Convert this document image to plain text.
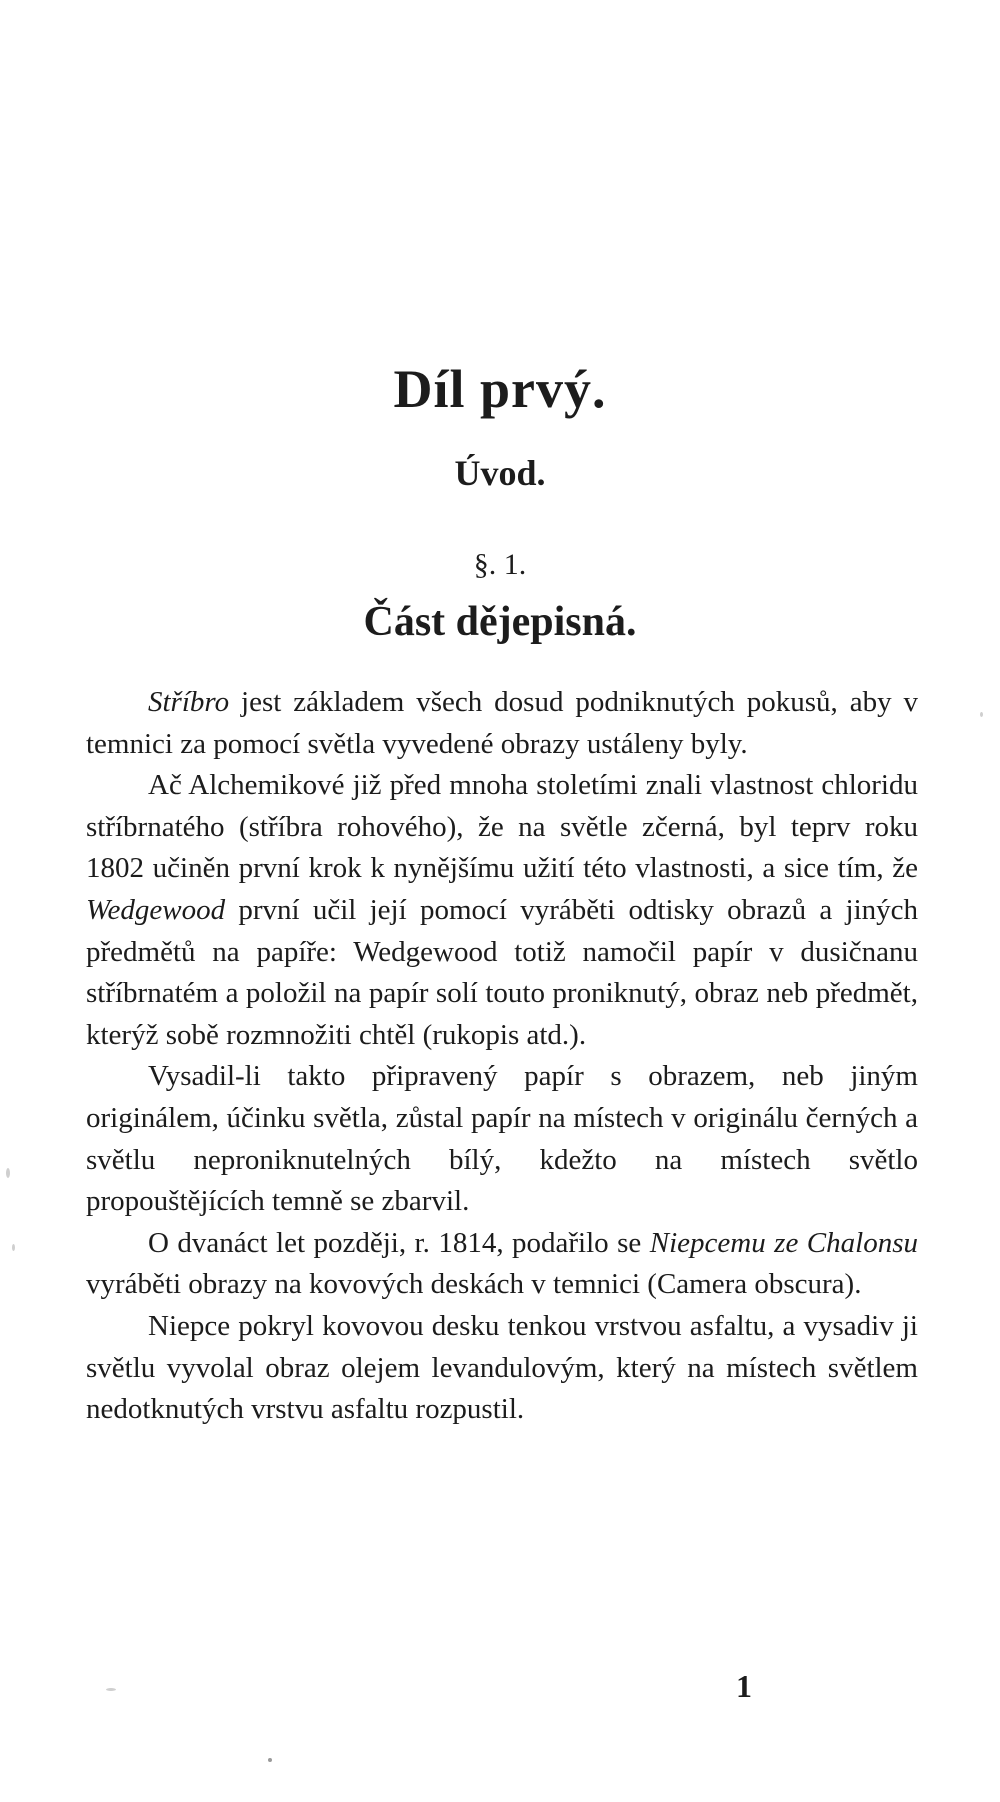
Díl prvý.
Úvod.
§. 1.
Část dějepisná.

Stříbro jest základem všech dosud podniknutých pokusů, aby v temnici za pomocí světla vyvedené obrazy ustáleny byly.

Ač Alchemikové již před mnoha stoletími znali vlastnost chloridu stříbrnatého (stříbra rohového), že na světle zčerná, byl teprv roku 1802 učiněn první krok k nynějšímu užití této vlastnosti, a sice tím, že Wedgewood první učil její pomocí vyráběti odtisky obrazů a jiných předmětů na papíře: Wedgewood totiž namočil papír v dusičnanu stříbrnatém a položil na papír solí touto proniknutý, obraz neb předmět, kterýž sobě rozmnožiti chtěl (rukopis atd.).

Vysadil-li takto připravený papír s obrazem, neb jiným originálem, účinku světla, zůstal papír na místech v originálu černých a světlu neproniknutelných bílý, kdežto na místech světlo propouštějících temně se zbarvil.

O dvanáct let později, r. 1814, podařilo se Niepcemu ze Chalonsu vyráběti obrazy na kovových deskách v temnici (Camera obscura).

Niepce pokryl kovovou desku tenkou vrstvou asfaltu, a vysadiv ji světlu vyvolal obraz olejem levandulovým, který na místech světlem nedotknutých vrstvu asfaltu rozpustil.

1
